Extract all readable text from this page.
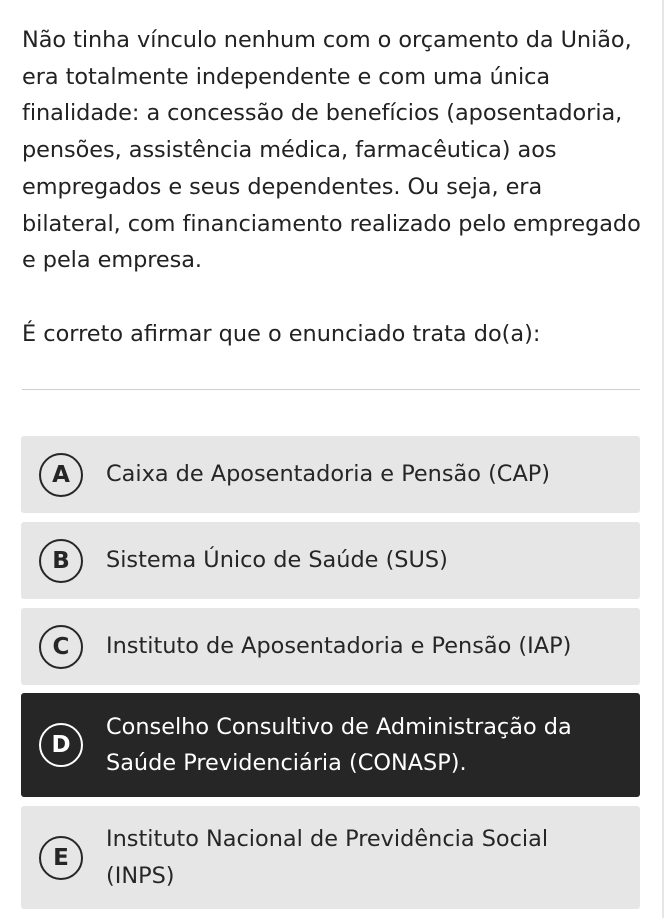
Não tinha vínculo nenhum com o orçamento da União, era totalmente independente e com uma única finalidade: a concessão de benefícios (aposentadoria, pensões, assistência médica, farmacêutica) aos empregados e seus dependentes. Ou seja, era bilateral, com financiamento realizado pelo empregado e pela empresa.

É correto afirmar que o enunciado trata do(a):

A	Caixa de Aposentadoria e Pensão (CAP)
B	Sistema Único de Saúde (SUS)
C	Instituto de Aposentadoria e Pensão (IAP)
D
Conselho Consultivo de Administração da Saúde Previdenciária (CONASP).
E
Instituto Nacional de Previdência Social (INPS)
